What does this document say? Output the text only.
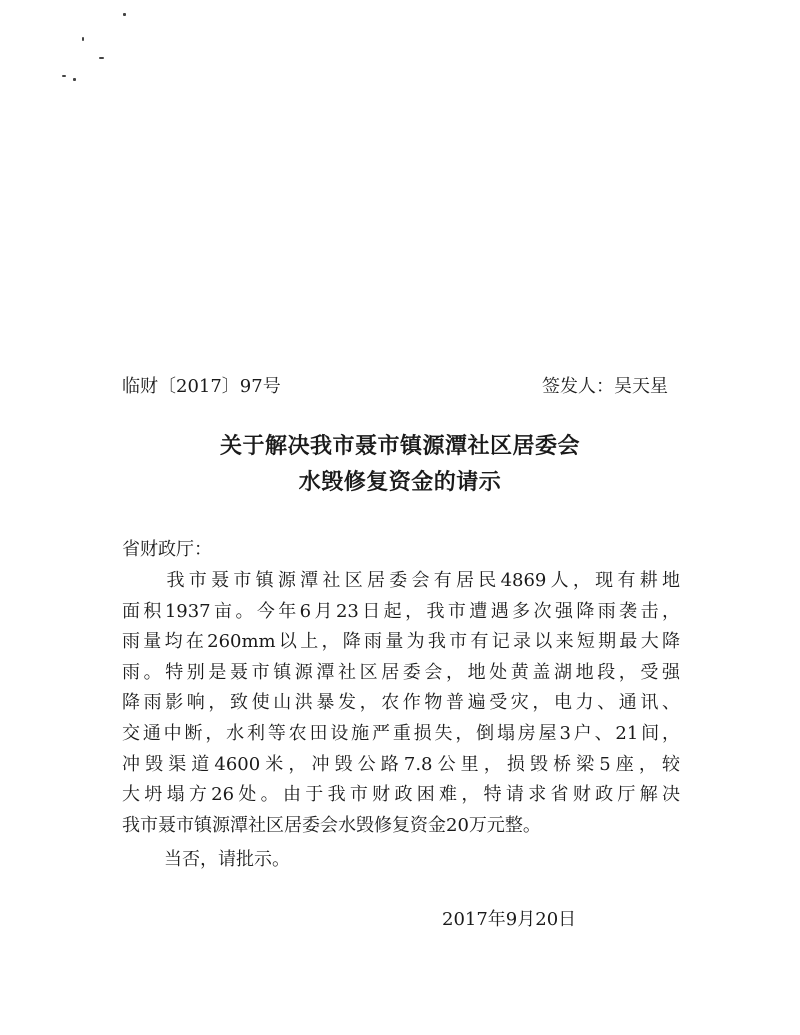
临财〔2017〕97号	签发人：吴天星
关于解决我市聂市镇源潭社区居委会
水毁修复资金的请示
省财政厅：
　　我市聂市镇源潭社区居委会有居民4869人，现有耕地
面积1937亩。今年6月23日起，我市遭遇多次强降雨袭击，
雨量均在260mm以上，降雨量为我市有记录以来短期最大降
雨。特别是聂市镇源潭社区居委会，地处黄盖湖地段，受强
降雨影响，致使山洪暴发，农作物普遍受灾，电力、通讯、
交通中断，水利等农田设施严重损失，倒塌房屋3户、21间，
冲毁渠道4600米，冲毁公路7.8公里，损毁桥梁5座，较
大坍塌方26处。由于我市财政困难，特请求省财政厅解决
我市聂市镇源潭社区居委会水毁修复资金20万元整。
当否，请批示。
2017年9月20日
